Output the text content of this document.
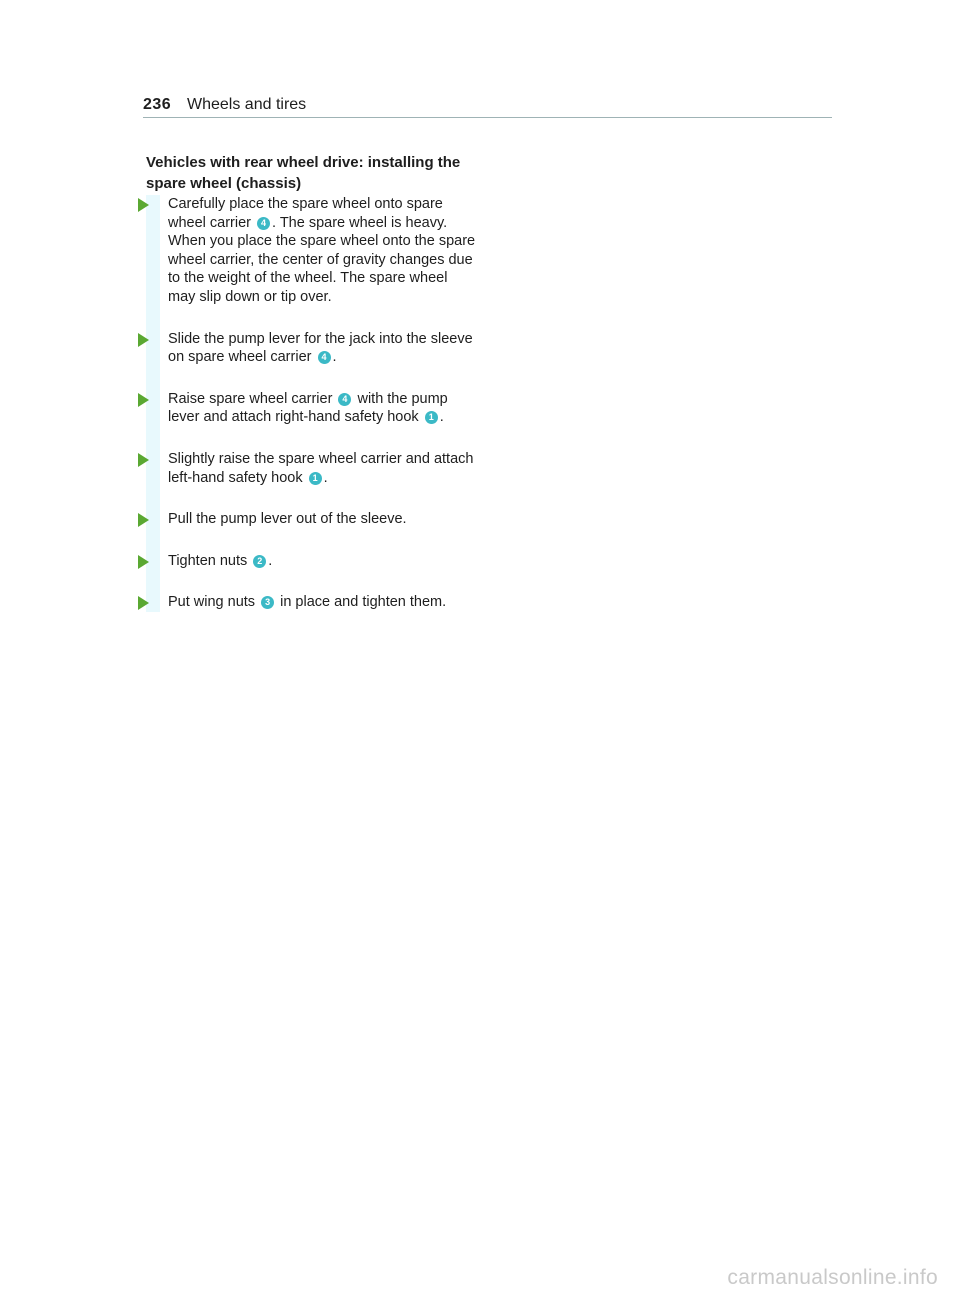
236 Wheels and tires
Vehicles with rear wheel drive: installing the spare wheel (chassis)
Carefully place the spare wheel onto spare wheel carrier 4 . The spare wheel is heavy. When you place the spare wheel onto the spare wheel carrier, the center of gravity changes due to the weight of the wheel. The spare wheel may slip down or tip over.
Slide the pump lever for the jack into the sleeve on spare wheel carrier 4 .
Raise spare wheel carrier 4 with the pump lever and attach right-hand safety hook 1 .
Slightly raise the spare wheel carrier and attach left-hand safety hook 1 .
Pull the pump lever out of the sleeve.
Tighten nuts 2 .
Put wing nuts 3 in place and tighten them.
carmanualsonline.info
